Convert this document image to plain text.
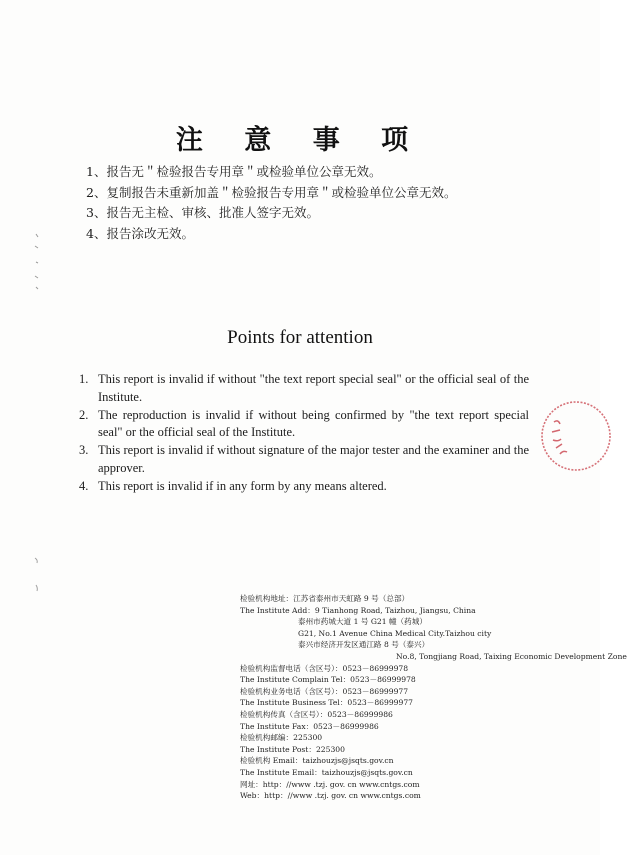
注 意 事 项
1、报告无＂检验报告专用章＂或检验单位公章无效。
2、复制报告未重新加盖＂检验报告专用章＂或检验单位公章无效。
3、报告无主检、审核、批准人签字无效。
4、报告涂改无效。
Points for attention
1. This report is invalid if without "the text report special seal" or the official seal of the Institute.
2. The reproduction is invalid if without being confirmed by "the text report special seal" or the official seal of the Institute.
3. This report is invalid if without signature of the major tester and the examiner and the approver.
4. This report is invalid if in any form by any means altered.
检验机构地址：江苏省泰州市天虹路 9 号（总部）
The Institute Add：9 Tianhong Road, Taizhou, Jiangsu, China
泰州市药城大道 1 号 G21 幢（药城）
G21, No.1 Avenue China Medical City.Taizhou city
泰兴市经济开发区通江路 8 号（泰兴）
No.8, Tongjiang Road, Taixing Economic Development Zone
检验机构监督电话（含区号）：0523－86999978
The Institute Complain Tel：0523－86999978
检验机构业务电话（含区号）：0523－86999977
The Institute Business Tel：0523－86999977
检验机构传真（含区号）：0523－86999986
The Institute Fax：0523－86999986
检验机构邮编：225300
The Institute Post：225300
检验机构 Email：taizhouzjs@jsqts.gov.cn
The Institute Email：taizhouzjs@jsqts.gov.cn
网址：http：//www .tzj. gov. cn www.cntgs.com
Web：http：//www .tzj. gov. cn www.cntgs.com
